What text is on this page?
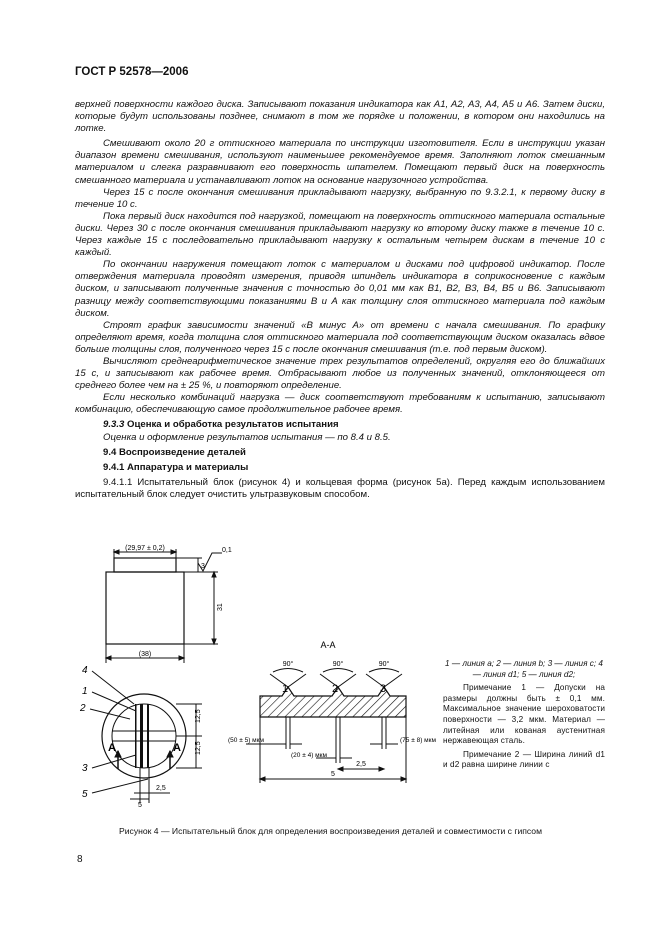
ГОСТ Р 52578—2006

верхней поверхности каждого диска. Записывают показания индикатора как A1, A2, A3, A4, A5 и A6. Затем диски, которые будут использованы позднее, снимают в том же порядке и положении, в котором они находились на лотке.

Смешивают около 20 г оттискного материала по инструкции изготовителя. Если в инструкции указан диапазон времени смешивания, используют наименьшее рекомендуемое время. Заполняют лоток смешанным материалом и слегка разравнивают его поверхность шпателем. Помещают первый диск на поверхность смешанного материала и устанавливают лоток на основание нагрузочного устройства.

Через 15 с после окончания смешивания прикладывают нагрузку, выбранную по 9.3.2.1, к первому диску в течение 10 с.

Пока первый диск находится под нагрузкой, помещают на поверхность оттискного материала остальные диски. Через 30 с после окончания смешивания прикладывают нагрузку ко второму диску также в течение 10 с. Через каждые 15 с последовательно прикладывают нагрузку к остальным четырем дискам в течение 10 с каждый.

По окончании нагружения помещают лоток с материалом и дисками под цифровой индикатор. После отверждения материала проводят измерения, приводя шпиндель индикатора в соприкосновение с каждым диском, и записывают полученные значения с точностью до 0,01 мм как B1, B2, B3, B4, B5 и B6. Записывают разницу между соответствующими показаниями B и A как толщину слоя оттискного материала под каждым диском.

Строят график зависимости значений «B минус A» от времени с начала смешивания. По графику определяют время, когда толщина слоя оттискного материала под соответствующим диском оказалась вдвое больше толщины слоя, полученного через 15 с после окончания смешивания (т.е. под первым диском).

Вычисляют среднеарифметическое значение трех результатов определений, округляя его до ближайших 15 с, и записывают как рабочее время. Отбрасывают любое из полученных значений, отклоняющееся от среднего более чем на ± 25 %, и повторяют определение.

Если несколько комбинаций нагрузка — диск соответствуют требованиям к испытанию, записывают комбинацию, обеспечивающую самое продолжительное рабочее время.

9.3.3 Оценка и обработка результатов испытания

Оценка и оформление результатов испытания — по 8.4 и 8.5.

9.4 Воспроизведение деталей

9.4.1 Аппаратура и материалы

9.4.1.1 Испытательный блок (рисунок 4) и кольцевая форма (рисунок 5а). Перед каждым использованием испытательный блок следует очистить ультразвуковым способом.

(29,97 ± 0,2)
3
0,1
31
(38)
12,5
12,5
2,5
5
A	A
4
1
2
3
5
A-A
90°	90°	90°
1	2	3
(50 ± 5) мкм
(20 ± 4) мкм
(75 ± 8) мкм
2,5
5

1 — линия a; 2 — линия b; 3 — линия c; 4 — линия d1; 5 — линия d2;

Примечание 1 — Допуски на размеры должны быть ± 0,1 мм. Максимальное значение шероховатости поверхности — 3,2 мкм. Материал — литейная или кованая аустенитная нержавеющая сталь.

Примечание 2 — Ширина линий d1 и d2 равна ширине линии c

Рисунок 4 — Испытательный блок для определения воспроизведения деталей и совместимости с гипсом
8
